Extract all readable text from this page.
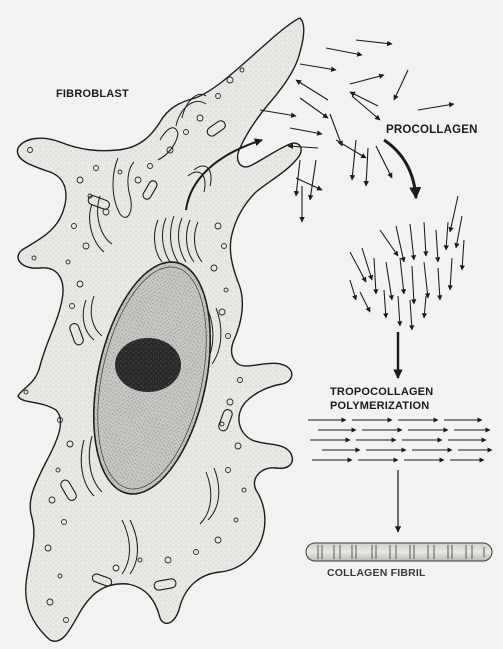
FIBROBLAST
PROCOLLAGEN
TROPOCOLLAGEN
POLYMERIZATION
COLLAGEN FIBRIL
